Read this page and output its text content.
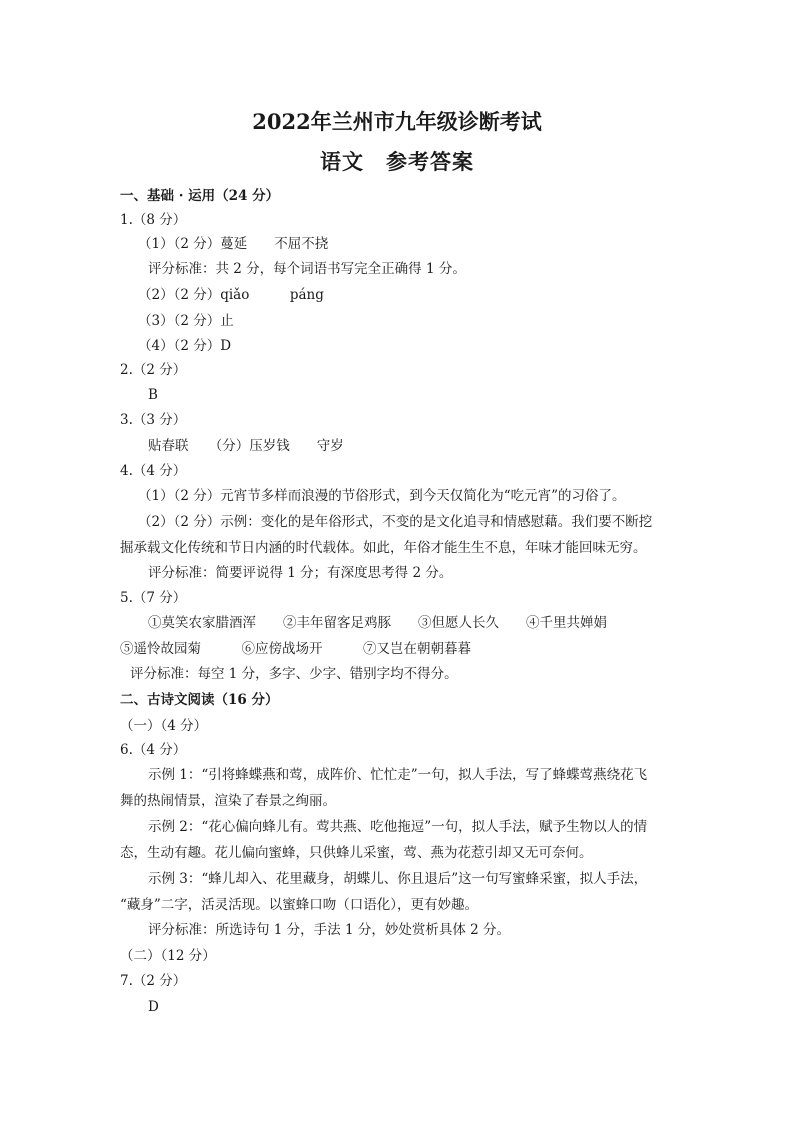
2022年兰州市九年级诊断考试
语文　参考答案
一、基础 · 运用（24 分）
1.（8 分）
（1）（2 分）蔓延　　不屈不挠
评分标准：共 2 分，每个词语书写完全正确得 1 分。
（2）（2 分）qiǎo　　　páng
（3）（2 分）止
（4）（2 分）D
2.（2 分）
B
3.（3 分）
贴春联　　（分）压岁钱　　守岁
4.（4 分）
（1）（2 分）元宵节多样而浪漫的节俗形式，到今天仅简化为“吃元宵”的习俗了。
（2）（2 分）示例：变化的是年俗形式，不变的是文化追寻和情感慰藉。我们要不断挖
掘承载文化传统和节日内涵的时代载体。如此，年俗才能生生不息，年味才能回味无穷。
评分标准：简要评说得 1 分；有深度思考得 2 分。
5.（7 分）
①莫笑农家腊酒浑　　②丰年留客足鸡豚　　③但愿人长久　　④千里共婵娟
⑤遥怜故园菊　　　⑥应傍战场开　　　⑦又岂在朝朝暮暮
评分标准：每空 1 分，多字、少字、错别字均不得分。
二、古诗文阅读（16 分）
（一）（4 分）
6.（4 分）
示例 1：“引将蜂蝶燕和莺，成阵价、忙忙走”一句，拟人手法，写了蜂蝶莺燕绕花飞
舞的热闹情景，渲染了春景之绚丽。
示例 2：“花心偏向蜂儿有。莺共燕、吃他拖逗”一句，拟人手法，赋予生物以人的情
态，生动有趣。花儿偏向蜜蜂，只供蜂儿采蜜，莺、燕为花惹引却又无可奈何。
示例 3：“蜂儿却入、花里藏身，胡蝶儿、你且退后”这一句写蜜蜂采蜜，拟人手法，
“藏身”二字，活灵活现。以蜜蜂口吻（口语化），更有妙趣。
评分标准：所选诗句 1 分，手法 1 分，妙处赏析具体 2 分。
（二）（12 分）
7.（2 分）
D
